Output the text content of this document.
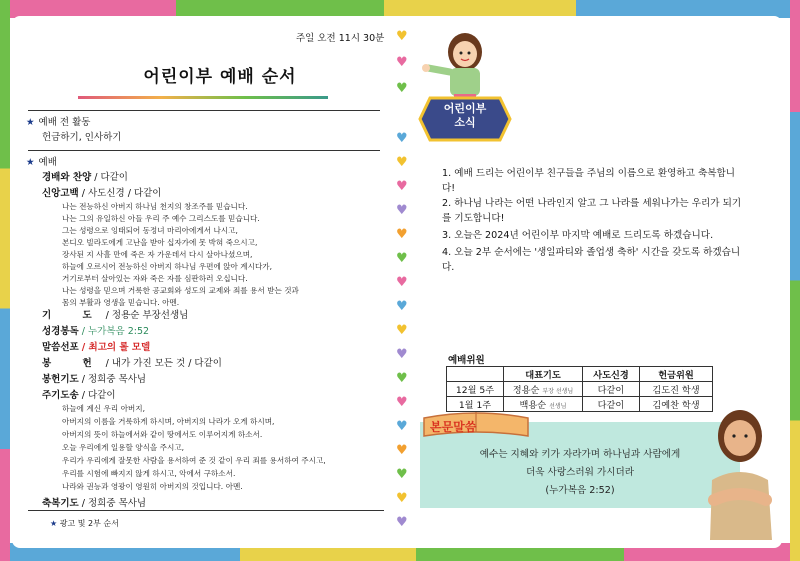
주일 오전 11시 30분
어린이부 예배 순서
★ 예배 전 활동
헌금하기, 인사하기
★ 예배
경배와 찬양 / 다같이
신앙고백 / 사도신경 / 다같이
나는 전능하신 아버지 하나님 천지의 창조주를 믿습니다.
나는 그의 유일하신 아들 우리 주 예수 그리스도를 믿습니다.
그는 성령으로 잉태되어 동정녀 마리아에게서 나시고,
본디오 빌라도에게 고난을 받아 십자가에 못 박혀 죽으시고,
장사된 지 사흘 만에 죽은 자 가운데서 다시 살아나셨으며,
하늘에 오르시어 전능하신 아버지 하나님 우편에 앉아 계시다가,
거기로부터 살아있는 자와 죽은 자를 심판하러 오십니다.
나는 성령을 믿으며 거룩한 공교회와 성도의 교제와 죄를 용서 받는 것과
몸의 부활과 영생을 믿습니다. 아멘.
기 도/ 정용순 부장선생님
성경봉독 / 누가복음 2:52
말씀선포 / 최고의 롤 모델
봉 헌/ 내가 가진 모든 것 / 다같이
봉헌기도 / 정희중 목사님
주기도송 / 다같이
하늘에 계신 우리 아버지,
아버지의 이름을 거룩하게 하시며, 아버지의 나라가 오게 하시며,
아버지의 뜻이 하늘에서와 같이 땅에서도 이루어지게 하소서.
오늘 우리에게 일용할 양식을 주시고,
우리가 우리에게 잘못한 사람을 용서하여 준 것 같이 우리 죄를 용서하여 주시고,
우리를 시험에 빠지지 않게 하시고, 악에서 구하소서.
나라와 권능과 영광이 영원히 아버지의 것입니다. 아멘.
축복기도 / 정희중 목사님
★ 광고 및 2부 순서
♥
♥
♥
♥
♥
♥
♥
♥
♥
♥
♥
♥
♥
♥
♥
♥
♥
♥
♥
♥
어린이부
소식
1. 예배 드리는 어린이부 친구들을 주님의 이름으로 환영하고 축복합니다!
2. 하나님 나라는 어떤 나라인지 알고 그 나라를 세워나가는 우리가 되기를 기도합니다!
3. 오늘은 2024년 어린이부 마지막 예배로 드리도록 하겠습니다.
4. 오늘 2부 순서에는 '생일파티와 졸업생 축하' 시간을 갖도록 하겠습니다.
예배위원
	대표기도	사도신경	헌금위원
12월 5주	정용순 부장 선생님	다같이	김도진 학생
1월 1주	백용순 선생님	다같이	김예찬 학생
본문말씀
예수는 지혜와 키가 자라가며 하나님과 사람에게
더욱 사랑스러워 가시더라
(누가복음 2:52)
